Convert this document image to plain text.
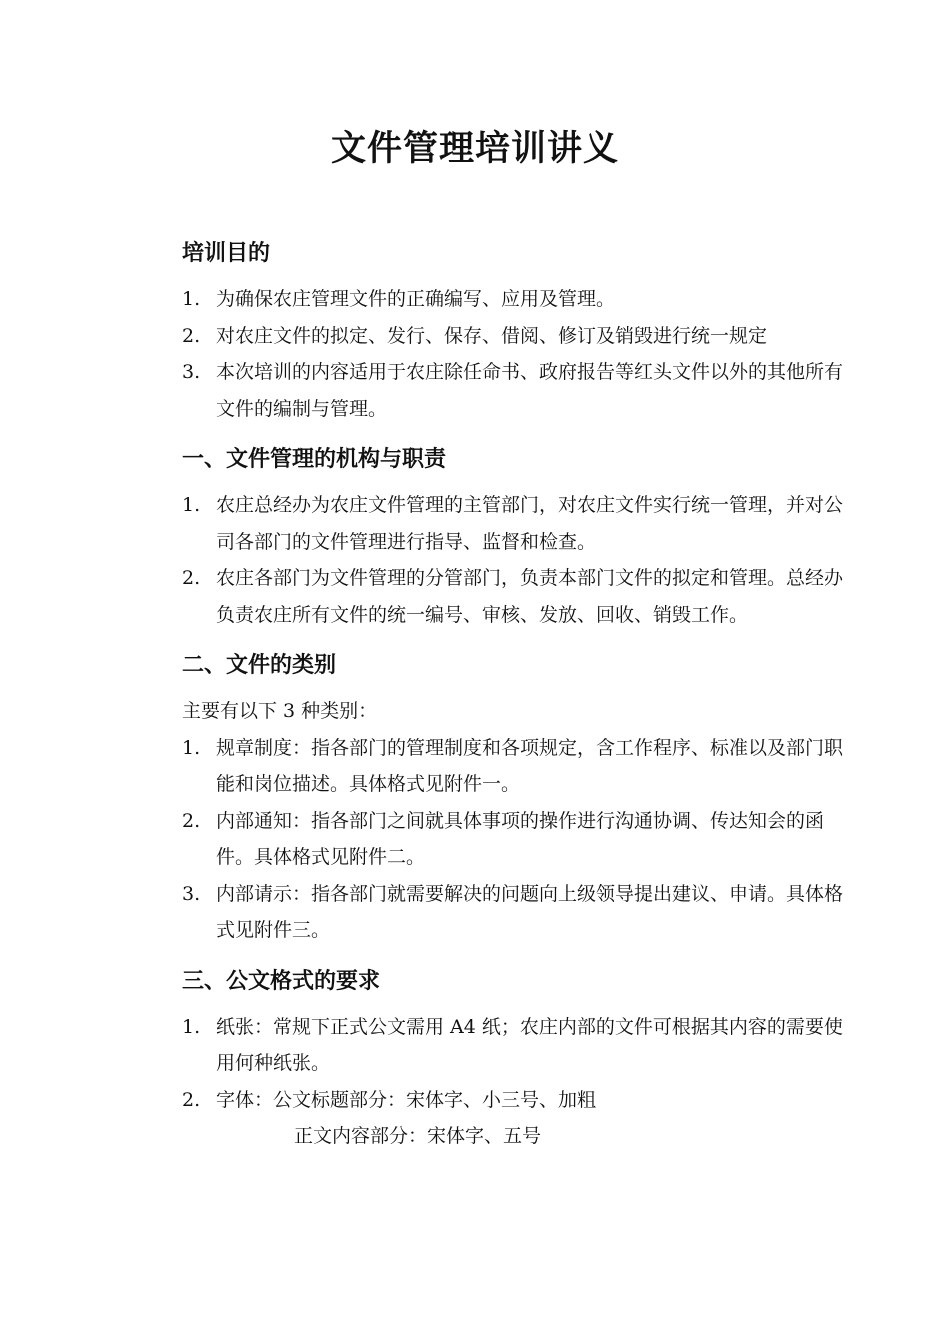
文件管理培训讲义
培训目的
1. 为确保农庄管理文件的正确编写、应用及管理。
2. 对农庄文件的拟定、发行、保存、借阅、修订及销毁进行统一规定
3. 本次培训的内容适用于农庄除任命书、政府报告等红头文件以外的其他所有文件的编制与管理。
一、文件管理的机构与职责
1. 农庄总经办为农庄文件管理的主管部门，对农庄文件实行统一管理，并对公司各部门的文件管理进行指导、监督和检查。
2. 农庄各部门为文件管理的分管部门，负责本部门文件的拟定和管理。总经办负责农庄所有文件的统一编号、审核、发放、回收、销毁工作。
二、文件的类别

主要有以下 3 种类别：

1. 规章制度：指各部门的管理制度和各项规定，含工作程序、标准以及部门职能和岗位描述。具体格式见附件一。
2. 内部通知：指各部门之间就具体事项的操作进行沟通协调、传达知会的函件。具体格式见附件二。
3. 内部请示：指各部门就需要解决的问题向上级领导提出建议、申请。具体格式见附件三。
三、公文格式的要求
1. 纸张：常规下正式公文需用 A4 纸；农庄内部的文件可根据其内容的需要使用何种纸张。
2. 字体：公文标题部分：宋体字、小三号、加粗
正文内容部分：宋体字、五号
